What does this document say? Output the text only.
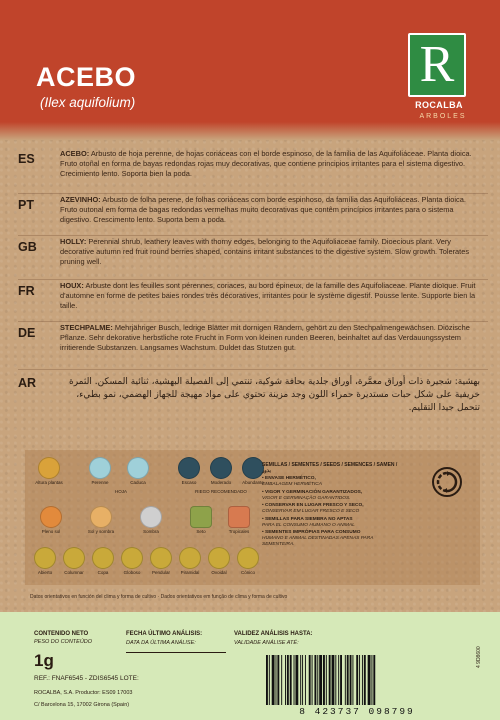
ACEBO
(Ilex aquifolium)
R
ROCALBA
ARBOLES
ES	ACEBO: Arbusto de hoja perenne, de hojas coriáceas con el borde espinoso, de la familia de las Aquifoliáceae. Planta dioica. Fruto otoñal en forma de bayas redondas rojas muy decorativas, que contiene principios irritantes para el sistema digestivo. Crecimiento lento. Soporta bien la poda.
PT	AZEVINHO: Arbusto de folha perene, de folhas coriáceas com borde espinhoso, da família das Aquifoliáceas. Planta dioica. Fruto outonal em forma de bagas redondas vermelhas muito decorativas que contêm princípios irritantes para o sistema digestivo. Crescimento lento. Suporta bem a poda.
GB	HOLLY: Perennial shrub, leathery leaves with thorny edges, belonging to the Aquifoliaceae family. Dioecious plant. Very decorative autumn red fruit round berries shaped, contains irritant substances to the digestive system. Slow growth. Tolerates pruning well.
FR	HOUX: Arbuste dont les feuilles sont pérennes, coriaces, au bord épineux, de la famille des Aquifoliaceae. Plante dioïque. Fruit d'automne en forme de petites baies rondes très décoratives, irritantes pour le système digestif. Pousse lente. Supporte bien la taille.
DE	STECHPALME: Mehrjähriger Busch, ledrige Blätter mit dornigen Rändern, gehört zu den Stechpalmengewächsen. Diözische Pflanze. Sehr dekorative herbstliche rote Frucht in Form von kleinen runden Beeren, beinhaltet auf das Verdauungssystem irritierende Substanzen. Langsames Wachstum. Duldet das Stutzen gut.
AR	بهشية: شجيرة ذات أوراق معمَّرة، أوراق جلدية بحافة شوكية، تنتمي إلى الفصيلة البهشية، ثنائية المسكن. الثمرة خريفية على شكل حبات مستديرة حمراء اللون وجد مزينة تحتوي على مواد مهيجة للجهاز الهضمي، نمو بطيء، تتحمل جيدا التقليم.
Altura plantas	Perenne	Caduca
HOJA
Escaso	Moderado	Abundante
RIEGO RECOMENDADO
Pleno sol	Sol y sombra	Sombra	Seto	Tropicales
Abierto	Columnar	Copa	Globoso	Pendular	Piramidal	Ovoidal	Cónico
SEMILLAS / SEMENTES / SEEDS / SEMENCES / SAMEN / بذور
• ENVASE HERMÉTICO,
EMBALAGEM HERMÉTICA
• VIGOR Y GERMINACIÓN GARANTIZADOS,
VIGOR E GERMINAÇÃO GARANTIDOS.
• CONSERVAR EN LUGAR FRESCO Y SECO,
CONSERVAR EM LUGAR FRESCO E SECO
• SEMILLAS PARA SIEMBRA NO APTAS
PARA EL CONSUMO HUMANO O ANIMAL
• SEMENTES IMPRÓPIAS PARA CONSUMO
HUMANO E ANIMAL DESTINADAS APENAS PARA SEMENTEIRA.
Datos orientativos en función del clima y forma de cultivo · Dados orientativos em função de clima y forma de cultivo
CONTENIDO NETO
PESO DO CONTEÚDO
1g
FECHA ÚLTIMO ANÁLISIS:
DATA DA ÚLTIMA ANÁLISE:
VALIDEZ ANÁLISIS HASTA:
VALIDADE ANÁLISE ATÉ:
REF.: FNAF6545 - ZDIS6545 LOTE:
ROCALBA, S.A. Productor: ES09 17003
C/ Barcelona 15, 17002 Girona (Spain)
8 423737 098799
4 9D8600
